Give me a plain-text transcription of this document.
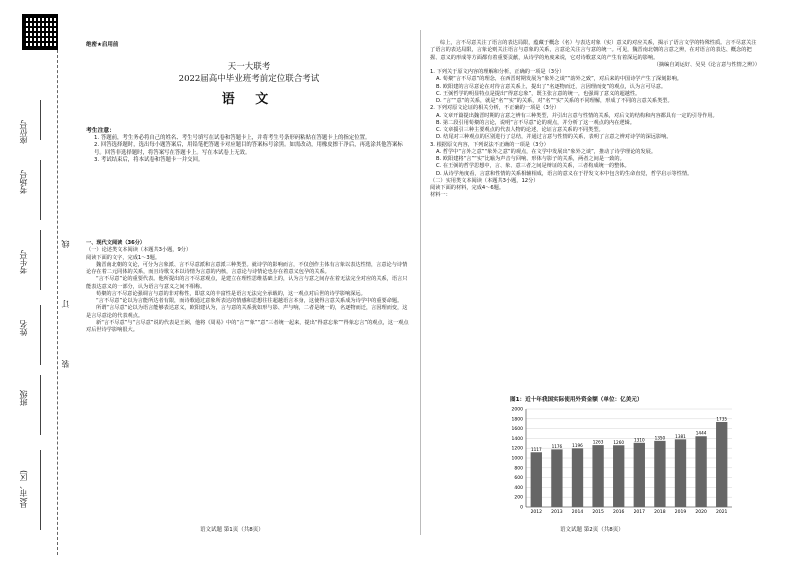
座位号
考场号
考生号
姓名
班级
县(市、区)
线
订
装
绝密★启用前
天一大联考
2022届高中毕业班考前定位联合考试
语 文
考生注意：
1. 答题前，考生务必将自己的姓名、考生号填写在试卷和答题卡上，并将考生号条形码粘贴在答题卡上的指定位置。
2. 回答选择题时，选出每小题答案后，用铅笔把答题卡对应题目的答案标号涂黑。如需改动，用橡皮擦干净后，再选涂其他答案标号。回答非选择题时，将答案写在答题卡上。写在本试卷上无效。
3. 考试结束后，将本试卷和答题卡一并交回。

一、现代文阅读（36分）

（一）论述类文本阅读（本题共3小题，9分）

阅读下面的文字，完成1～3题。

魏晋南北朝的文论，可分为言象派、言不尽意派和言意派三种类型。就诗学的影响而言，不仅创作主体有言象以表达性情，言意论与诗情论存在着二元同体的关系，而且诗歌文本以诗情为言意的内核，言意论与诗情论也存在着意义包孕的关系。

“言不尽意”论的重要代表。他所提出的言不尽意观点，是建立在理性思维基础上的，认为言与意之间存在着无法完全对应的关系，语言只能表达意义的一部分，认为语言与意义之间不相称。

荀粲的言不尽意论强调言与意的非对称性，即意义的丰富性是语言无法完全承载的，这一观点对后世的诗学影响深远。

“言不尽意”论以为言能所达者有限，而诗歌通过意象所表达的情感和思想往往超越语言本身，这使得言意关系成为诗学中的重要命题。

所谓“言尽意”论以为语言能够表达意义，欧阳建认为，言与意的关系犹如形与影、声与响，二者是统一的，名逐物而迁，言因理而变，这是言尽意论的代表观点。

新“言不尽意”与“言尽意”说的代表是王弼，他将《周易》中的“言”“象”“意”三者统一起来，提出“得意忘象”“得象忘言”的观点，这一观点对后世诗学影响很大。

综上，言不尽意关注了语言的表达局限，蕴藏于概念（名）与表达对象（实）意义的对应关系，揭示了语言文学的特殊性质。言不尽意关注了语言的表达局限，言象论则关注语言与意象的关系，言意论关注言与意的统一。可见，魏晋南北朝的言意之辨，在对语言的表达、概念的把握、意义的形成等方面都有着重要贡献，从诗学的角度来说，它对诗歌意义的产生有着深远的影响。

（摘编自刘运好、吴昊《论言意与性情之辨》）

1. 下列关于原文内容的理解和分析，正确的一项是（3分）

A. 荀粲“言不尽意”的理念，在西晋时期发展为“象外之谈”“韵外之致”，对后来的中国诗学产生了深刻影响。

B. 欧阳建的言尽意论在对待言意关系上，提出了“名逐物而迁，言因理而变”的观点，认为言可尽意。

C. 王弼哲学的明显特点是提出“得意忘象”，既主张言意的统一，也强调了意义的超越性。

D. “言”“意”的关系，就是“名”“实”的关系，对“名”“实”关系的不同理解，形成了不同的言意关系类型。

2. 下列对原文论证的相关分析，不正确的一项是（3分）

A. 文章开篇提出魏晋时期的言意之辨有三种类型，并引出言意与性情的关系，对后文的结构和内容都具有一定的引导作用。

B. 第二段引用荀粲的言论，说明“言不尽意”论的观点，并分析了这一观点的内在逻辑。

C. 文章援引三种主要观点的代表人物的论述，论证言意关系的不同类型。

D. 结尾对三种观点的区别进行了总结，并通过言意与性情的关系，表明了言意之辨对诗学的深远影响。

3. 根据原文内容，下列说法不正确的一项是（3分）

A. 哲学中“言外之意”“象外之意”的观点，在文学中发展出“象外之谈”，推动了诗学理论的发展。

B. 欧阳建将“言”“实”比喻为声音与回响、形体与影子的关系，两者之间是一致的。

C. 在王弼的哲学思想中，言、象、意三者之间是辩证的关系，三者构成统一的整体。

D. 从诗学角度看，言意和性情的关系相辅相成，语言的意义在于抒发文本中包含的生命直觉，哲学启示等性情。

（二）实用类文本阅读（本题共3小题，12分）

阅读下面的材料，完成4～6题。

材料一：

图1：近十年我国实际使用外资金额（单位：亿美元）
0
200
400
600
800
1000
1200
1400
1600
1800
2000
1117
2012
1176
2013
1196
2014
1263
2015
1260
2016
1310
2017
1350
2018
1381
2019
1444
2020
1735
2021
语文试题 第1页（共8页）	语文试题 第2页（共8页）
